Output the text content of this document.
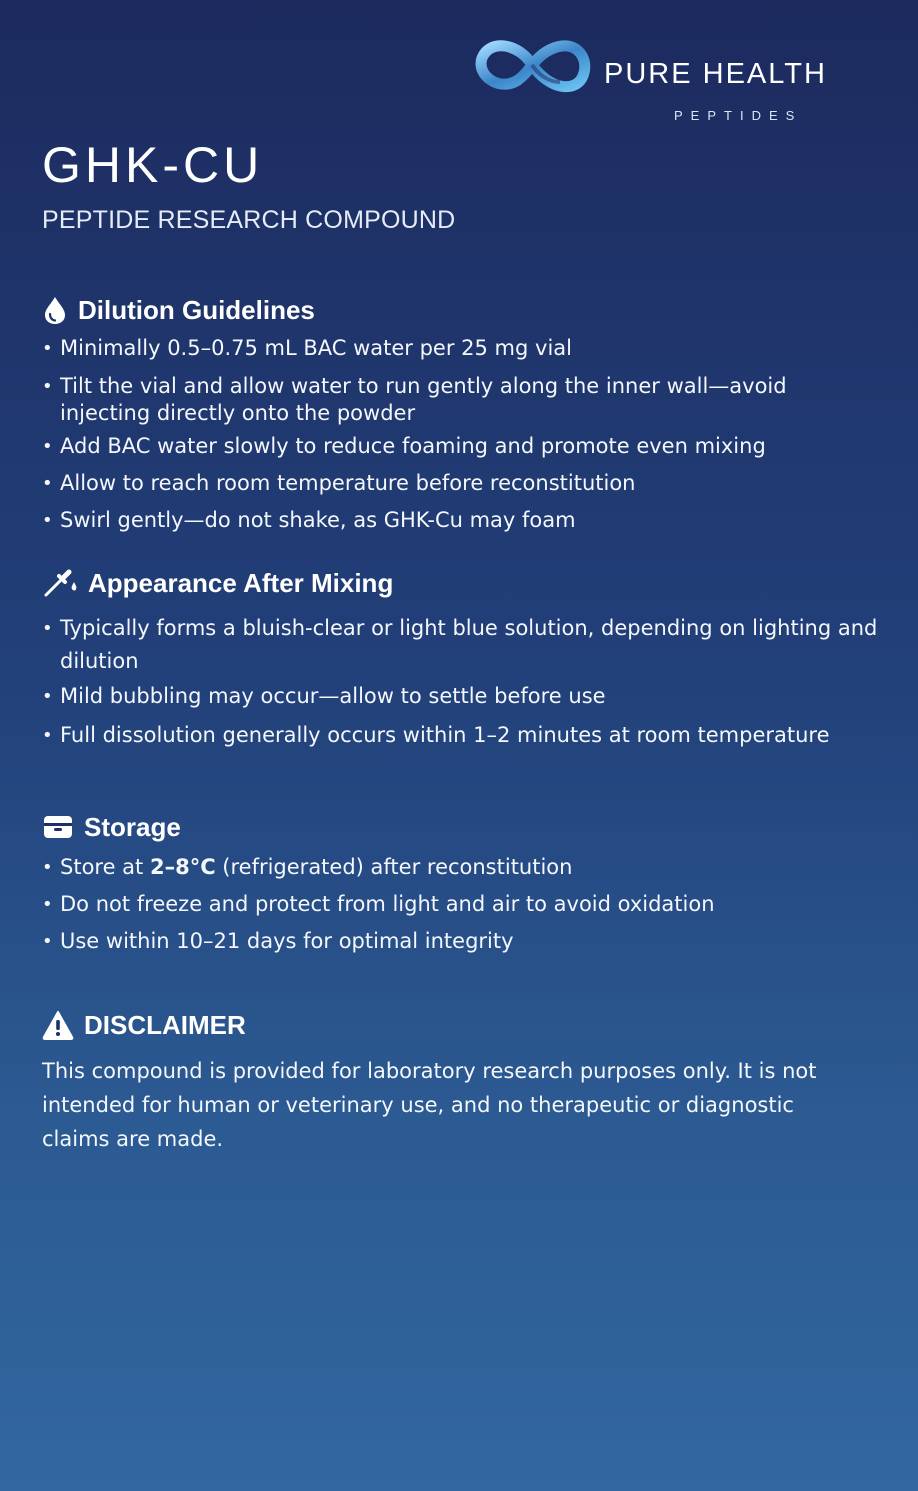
PURE HEALTH
PEPTIDES
GHK-CU

PEPTIDE RESEARCH COMPOUND

Dilution Guidelines
• Minimally 0.5–0.75 mL BAC water per 25 mg vial
• Tilt the vial and allow water to run gently along the inner wall—avoid injecting directly onto the powder
• Add BAC water slowly to reduce foaming and promote even mixing
• Allow to reach room temperature before reconstitution
• Swirl gently—do not shake, as GHK-Cu may foam
Appearance After Mixing
• Typically forms a bluish-clear or light blue solution, depending on lighting and dilution
• Mild bubbling may occur—allow to settle before use
• Full dissolution generally occurs within 1–2 minutes at room temperature
Storage
• Store at 2–8°C (refrigerated) after reconstitution
• Do not freeze and protect from light and air to avoid oxidation
• Use within 10–21 days for optimal integrity
DISCLAIMER

This compound is provided for laboratory research purposes only. It is not intended for human or veterinary use, and no therapeutic or diagnostic claims are made.
